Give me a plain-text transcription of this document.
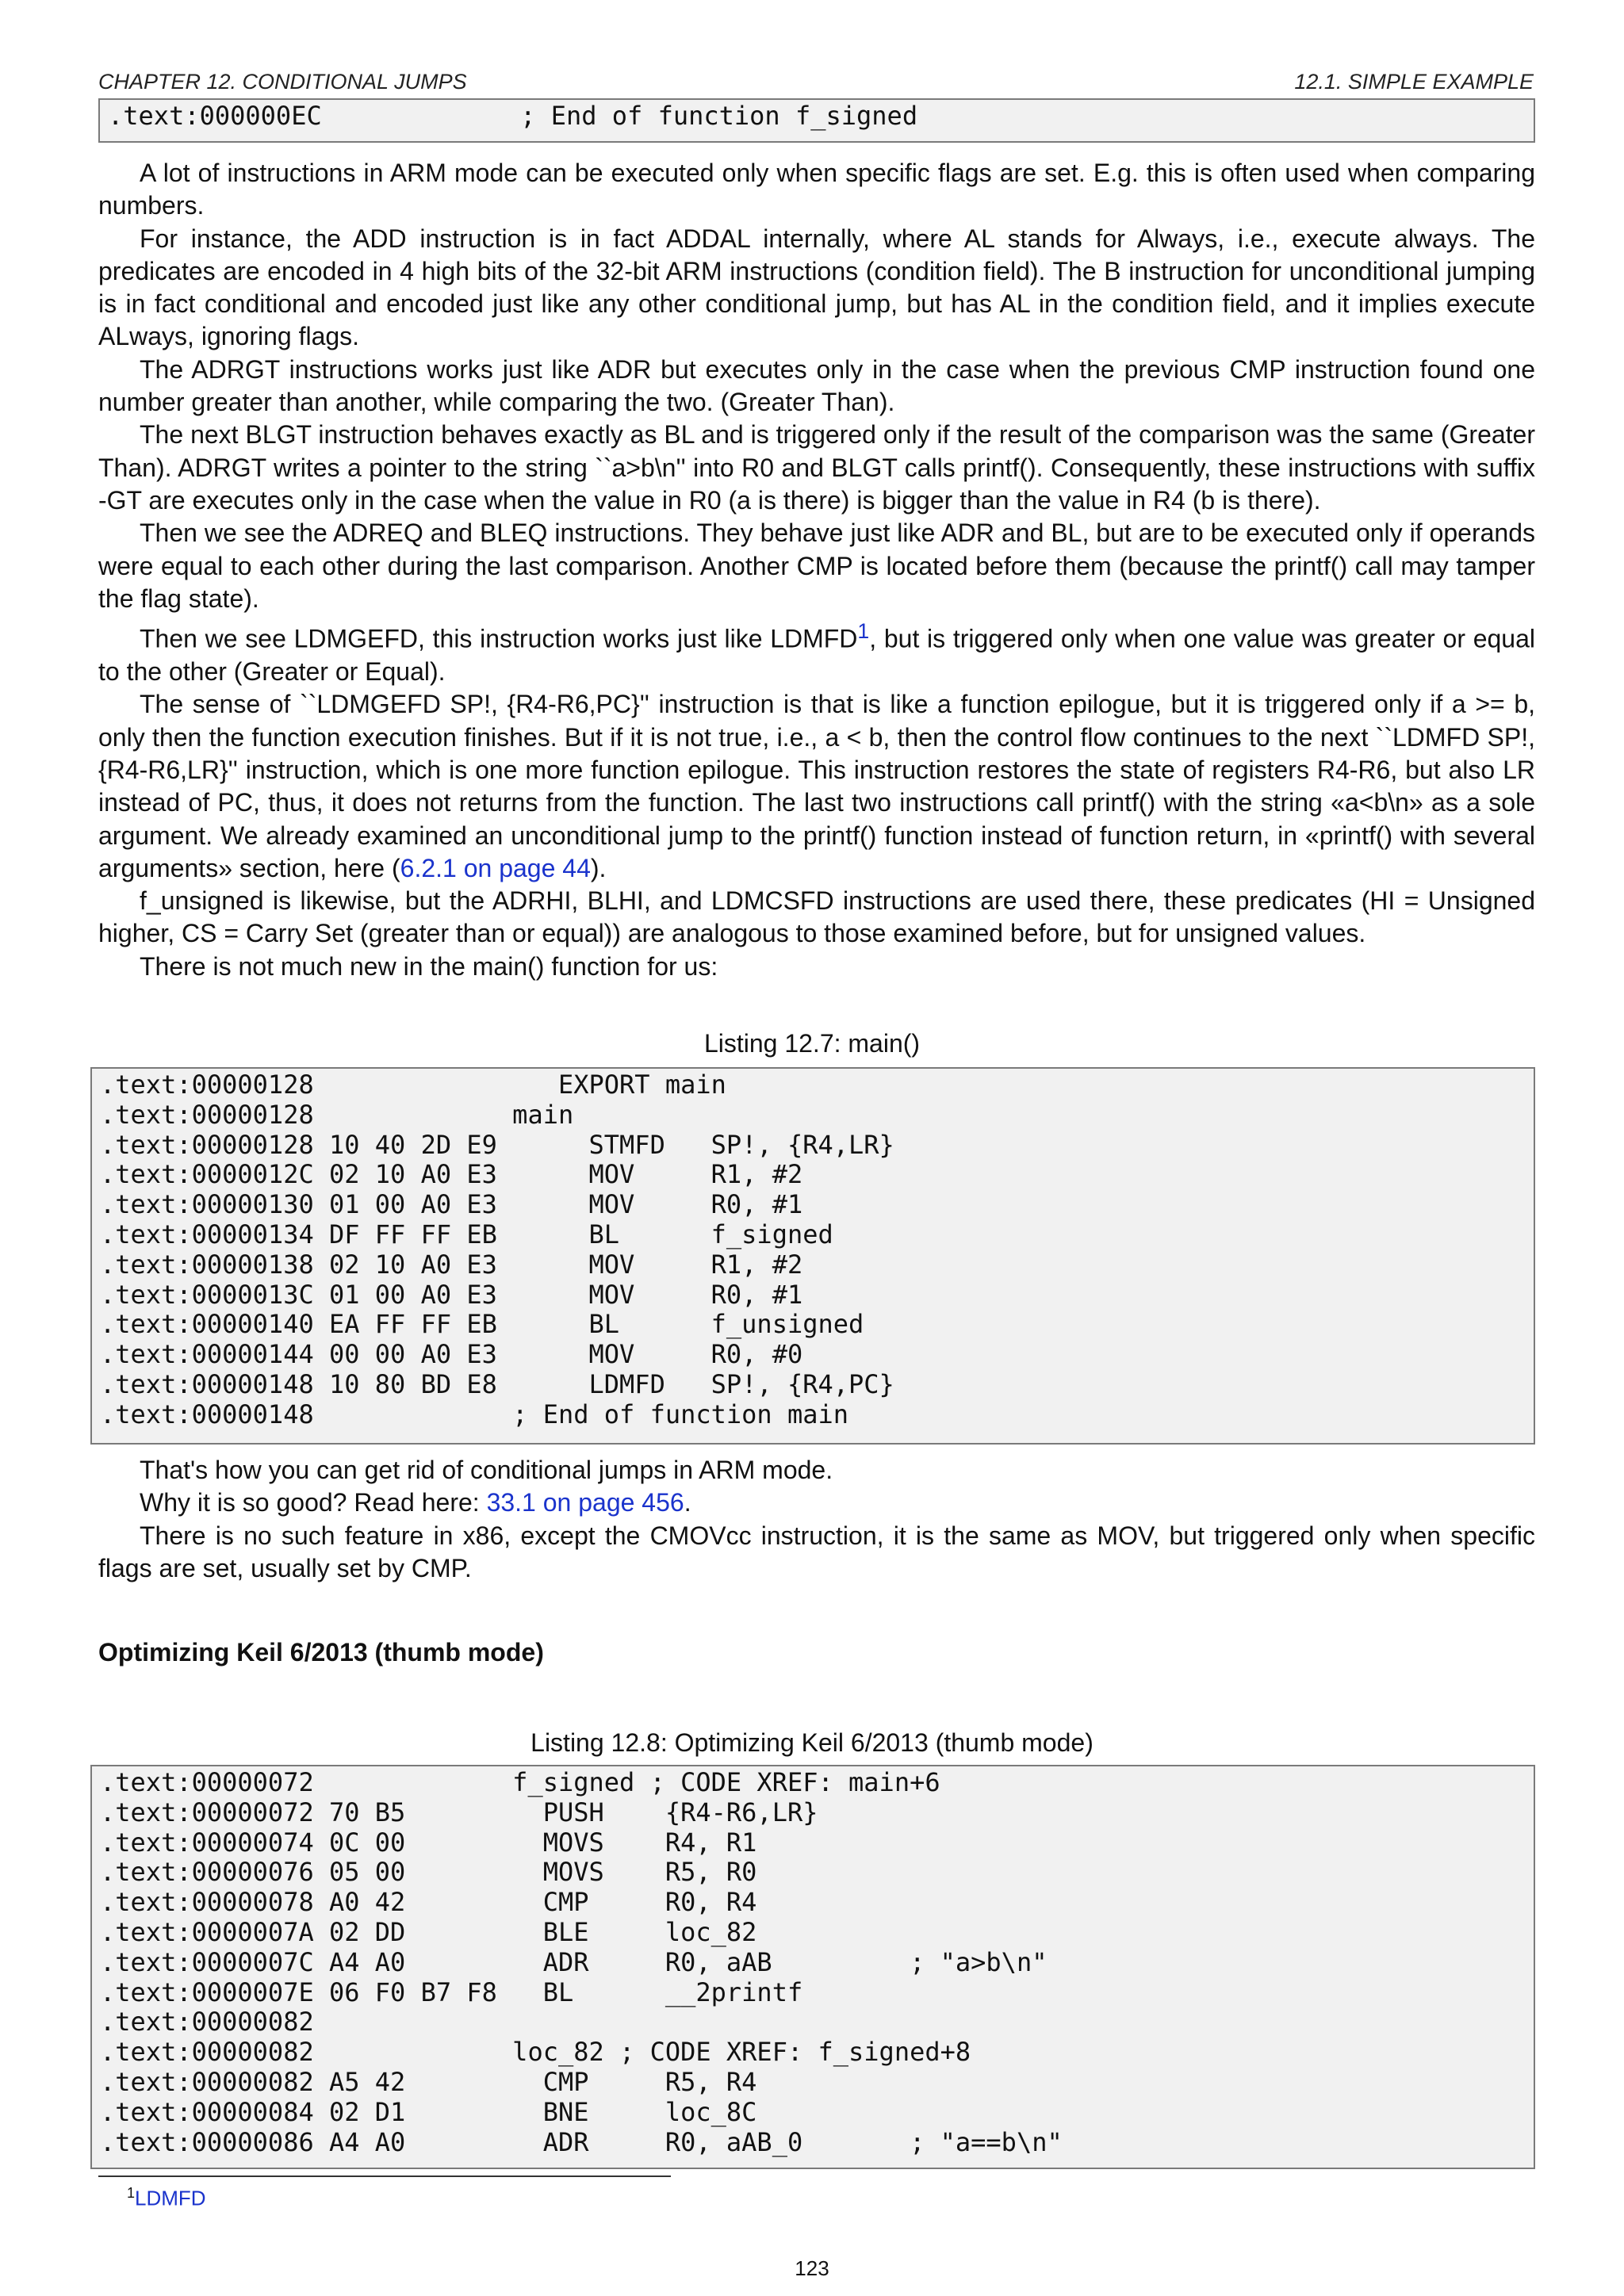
CHAPTER 12. CONDITIONAL JUMPS	12.1. SIMPLE EXAMPLE
.text:000000EC             ; End of function f_signed

A lot of instructions in ARM mode can be executed only when specific flags are set. E.g. this is often used when comparing numbers.

For instance, the ADD instruction is in fact ADDAL internally, where AL stands for Always, i.e., execute always. The predicates are encoded in 4 high bits of the 32-bit ARM instructions (condition field). The B instruction for unconditional jumping is in fact conditional and encoded just like any other conditional jump, but has AL in the condition field, and it implies execute ALways, ignoring flags.

The ADRGT instructions works just like ADR but executes only in the case when the previous CMP instruction found one number greater than another, while comparing the two. (Greater Than).

The next BLGT instruction behaves exactly as BL and is triggered only if the result of the comparison was the same (Greater Than). ADRGT writes a pointer to the string ``a>b\n'' into R0 and BLGT calls printf(). Consequently, these instructions with suffix -GT are executes only in the case when the value in R0 (a is there) is bigger than the value in R4 (b is there).

Then we see the ADREQ and BLEQ instructions. They behave just like ADR and BL, but are to be executed only if operands were equal to each other during the last comparison. Another CMP is located before them (because the printf() call may tamper the flag state).

Then we see LDMGEFD, this instruction works just like LDMFD$^1$, but is triggered only when one value was greater or equal to the other (Greater or Equal).

The sense of ``LDMGEFD SP!, {R4-R6,PC}'' instruction is that is like a function epilogue, but it is triggered only if a >= b, only then the function execution finishes. But if it is not true, i.e., a < b, then the control flow continues to the next ``LDMFD SP!, {R4-R6,LR}'' instruction, which is one more function epilogue. This instruction restores the state of registers R4-R6, but also LR instead of PC, thus, it does not returns from the function. The last two instructions call printf() with the string «a<b\n» as a sole argument. We already examined an unconditional jump to the printf() function instead of function return, in «printf() with several arguments» section, here (6.2.1 on page 44).

f_unsigned is likewise, but the ADRHI, BLHI, and LDMCSFD instructions are used there, these predicates (HI = Unsigned higher, CS = Carry Set (greater than or equal)) are analogous to those examined before, but for unsigned values.

There is not much new in the main() function for us:

Listing 12.7: main()
.text:00000128                EXPORT main
.text:00000128             main
.text:00000128 10 40 2D E9      STMFD   SP!, {R4,LR}
.text:0000012C 02 10 A0 E3      MOV     R1, #2
.text:00000130 01 00 A0 E3      MOV     R0, #1
.text:00000134 DF FF FF EB      BL      f_signed
.text:00000138 02 10 A0 E3      MOV     R1, #2
.text:0000013C 01 00 A0 E3      MOV     R0, #1
.text:00000140 EA FF FF EB      BL      f_unsigned
.text:00000144 00 00 A0 E3      MOV     R0, #0
.text:00000148 10 80 BD E8      LDMFD   SP!, {R4,PC}
.text:00000148             ; End of function main

That's how you can get rid of conditional jumps in ARM mode.

Why it is so good? Read here: 33.1 on page 456.

There is no such feature in x86, except the CMOVcc instruction, it is the same as MOV, but triggered only when specific flags are set, usually set by CMP.

Optimizing Keil 6/2013 (thumb mode)
Listing 12.8: Optimizing Keil 6/2013 (thumb mode)
.text:00000072             f_signed ; CODE XREF: main+6
.text:00000072 70 B5         PUSH    {R4-R6,LR}
.text:00000074 0C 00         MOVS    R4, R1
.text:00000076 05 00         MOVS    R5, R0
.text:00000078 A0 42         CMP     R0, R4
.text:0000007A 02 DD         BLE     loc_82
.text:0000007C A4 A0         ADR     R0, aAB         ; "a>b\n"
.text:0000007E 06 F0 B7 F8   BL      __2printf
.text:00000082
.text:00000082             loc_82 ; CODE XREF: f_signed+8
.text:00000082 A5 42         CMP     R5, R4
.text:00000084 02 D1         BNE     loc_8C
.text:00000086 A4 A0         ADR     R0, aAB_0       ; "a==b\n"
$^1$LDMFD
123
